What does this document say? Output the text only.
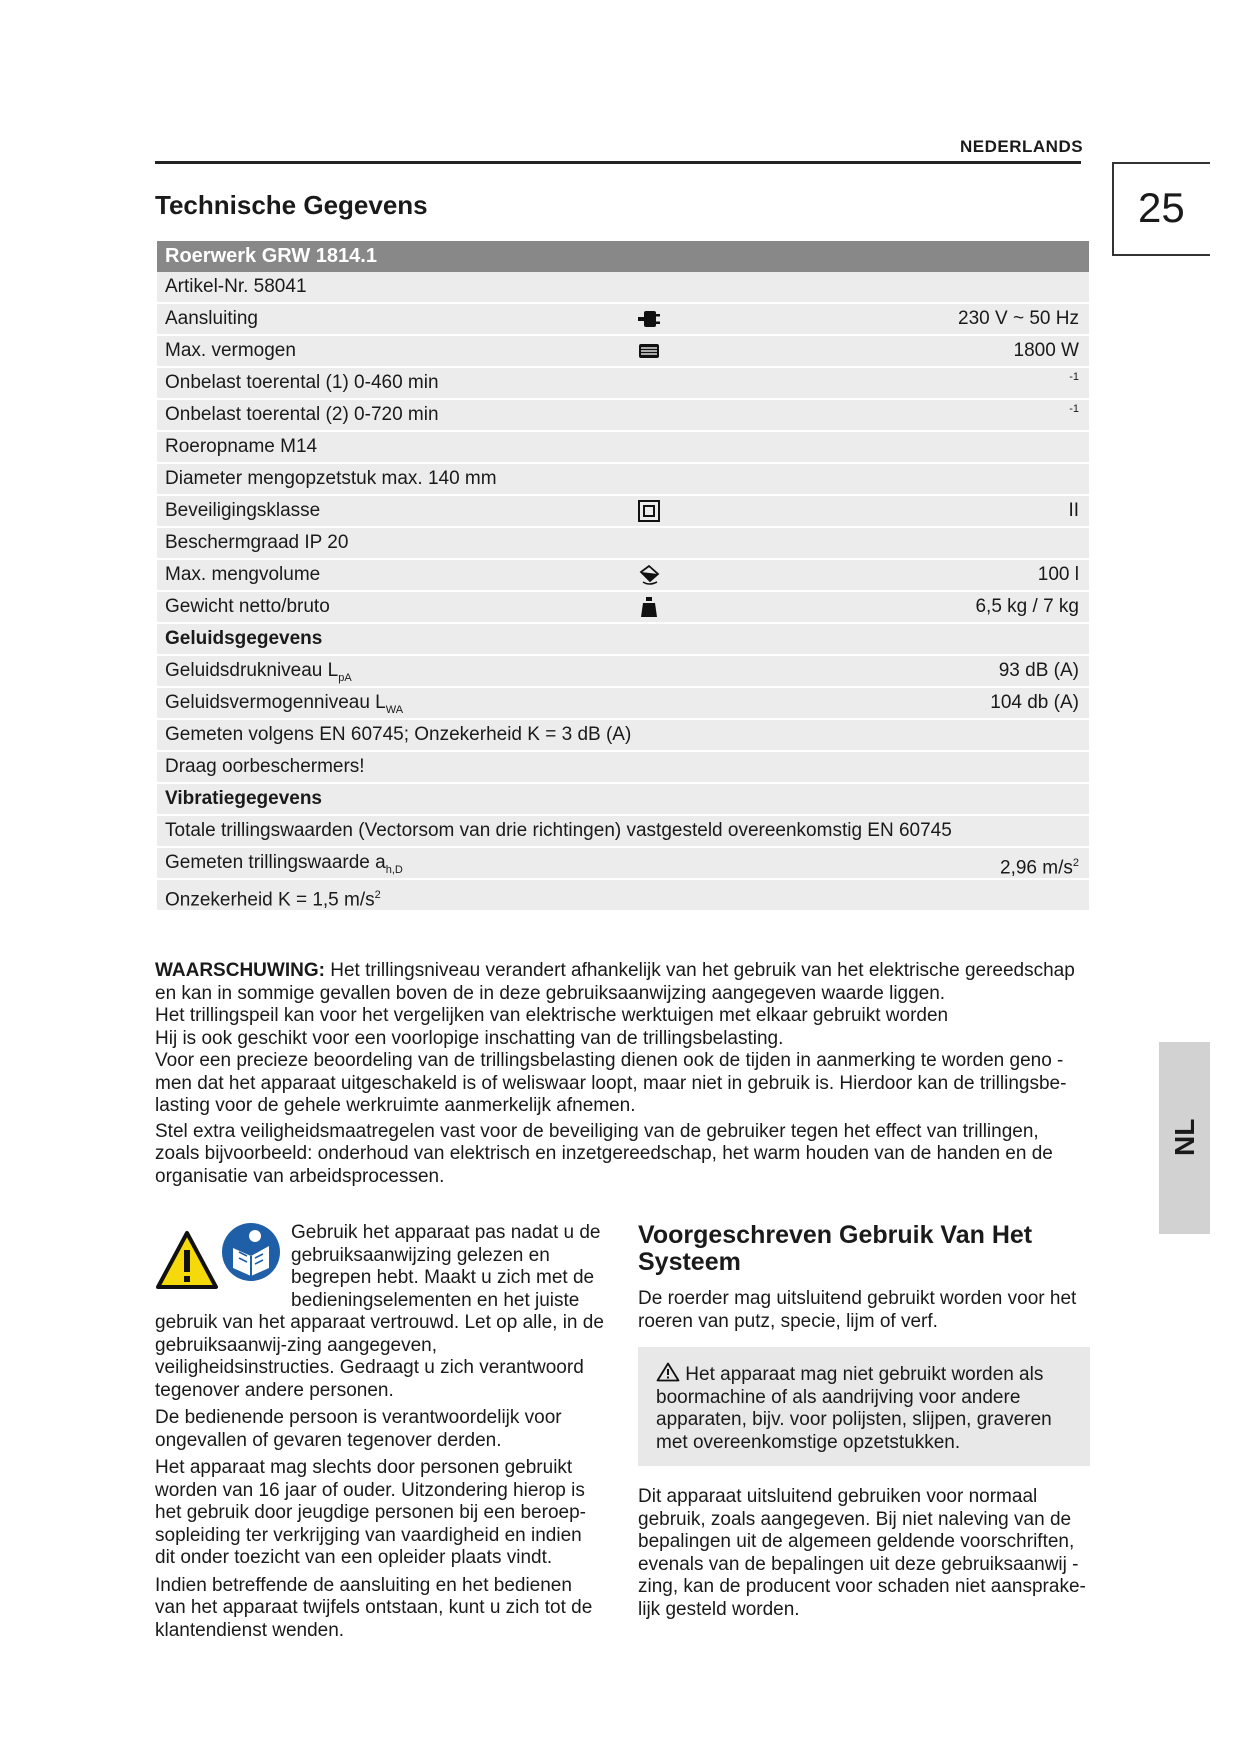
NEDERLANDS
25
Technische Gegevens
Roerwerk GRW 1814.1
Artikel-Nr. 58041
Aansluiting	230 V ~ 50 Hz
Max. vermogen	1800 W
Onbelast toerental (1) 0-460 min	-1
Onbelast toerental (2) 0-720 min	-1
Roeropname M14
Diameter mengopzetstuk max. 140 mm
Beveiligingsklasse	II
Beschermgraad IP 20
Max. mengvolume	100 l
Gewicht netto/bruto	6,5 kg / 7 kg
Geluidsgegevens
Geluidsdrukniveau $L_{pA}$	93 dB (A)
Geluidsvermogenniveau $L_{WA}$	104 db (A)
Gemeten volgens EN 60745; Onzekerheid K = 3 dB (A)
Draag oorbeschermers!
Vibratiegegevens
Totale trillingswaarden (Vectorsom van drie richtingen) vastgesteld overeenkomstig EN 60745
Gemeten trillingswaarde $a_{h,D}$	2,96 $m/s^2$
Onzekerheid K = 1,5 $m/s^2$

WAARSCHUWING: Het trillingsniveau verandert afhankelijk van het gebruik van het elektrische gereedschap en kan in sommige gevallen boven de in deze gebruiksaanwijzing aangegeven waarde liggen.

Het trillingspeil kan voor het vergelijken van elektrische werktuigen met elkaar gebruikt worden

Hij is ook geschikt voor een voorlopige inschatting van de trillingsbelasting.

Voor een precieze beoordeling van de trillingsbelasting dienen ook de tijden in aanmerking te worden geno - men dat het apparaat uitgeschakeld is of weliswaar loopt, maar niet in gebruik is. Hierdoor kan de trillingsbe-lasting voor de gehele werkruimte aanmerkelijk afnemen.

Stel extra veiligheidsmaatregelen vast voor de beveiliging van de gebruiker tegen het effect van trillingen, zoals bijvoorbeeld: onderhoud van elektrisch en inzetgereedschap, het warm houden van de handen en de organisatie van arbeidsprocessen.

Gebruik het apparaat pas nadat u de gebruiksaanwijzing gelezen en begrepen hebt. Maakt u zich met de bedieningselementen en het juiste gebruik van het apparaat vertrouwd. Let op alle, in de gebruiksaanwij-zing aangegeven, veiligheidsinstructies. Gedraagt u zich verantwoord tegenover andere personen.

De bedienende persoon is verantwoordelijk voor ongevallen of gevaren tegenover derden.

Het apparaat mag slechts door personen gebruikt worden van 16 jaar of ouder. Uitzondering hierop is het gebruik door jeugdige personen bij een beroep-sopleiding ter verkrijging van vaardigheid en indien dit onder toezicht van een opleider plaats vindt.

Indien betreffende de aansluiting en het bedienen van het apparaat twijfels ontstaan, kunt u zich tot de klantendienst wenden.

Voorgeschreven Gebruik Van Het Systeem

De roerder mag uitsluitend gebruikt worden voor het roeren van putz, specie, lijm of verf.

Het apparaat mag niet gebruikt worden als boormachine of als aandrijving voor andere apparaten, bijv. voor polijsten, slijpen, graveren met overeenkomstige opzetstukken.

Dit apparaat uitsluitend gebruiken voor normaal gebruik, zoals aangegeven. Bij niet naleving van de bepalingen uit de algemeen geldende voorschriften, evenals van de bepalingen uit deze gebruiksaanwij -zing, kan de producent voor schaden niet aansprake-lijk gesteld worden.

NL
